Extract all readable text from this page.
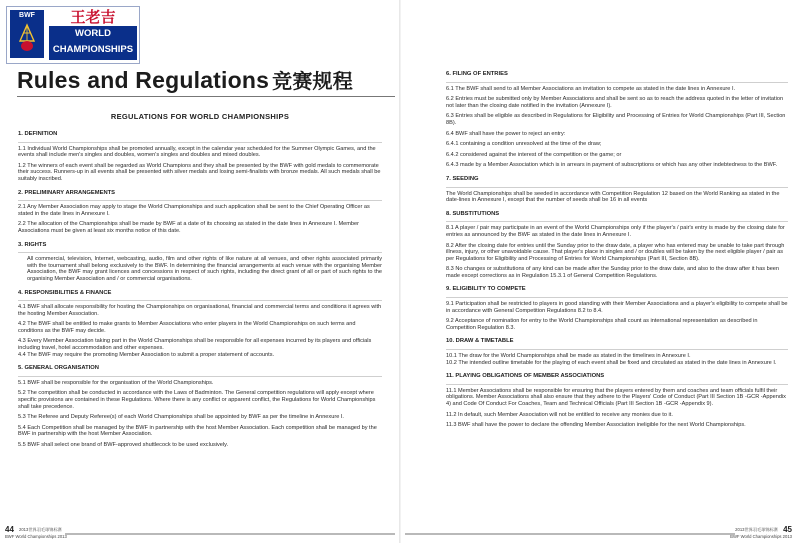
BWF	王老吉
WORLD
CHAMPIONSHIPS
Rules and Regulations 竞赛规程
REGULATIONS FOR WORLD CHAMPIONSHIPS
1. DEFINITION
1.1 Individual World Championships shall be promoted annually, except in the calendar year scheduled for the Summer Olympic Games, and the events shall include men's singles and doubles, women's singles and doubles and mixed doubles.
1.2 The winners of each event shall be regarded as World Champions and they shall be presented by the BWF with gold medals to commemorate their success. Runners-up in all events shall be presented with silver medals and losing semi-finalists with bronze medals. All such medals shall be suitably inscribed.
2. PRELIMINARY ARRANGEMENTS
2.1 Any Member Association may apply to stage the World Championships and such application shall be sent to the Chief Operating Officer as stated in the date lines in Annexure I.
2.2 The allocation of the Championships shall be made by BWF at a date of its choosing as stated in the date lines in Annexure I. Member Associations must be given at least six months notice of this date.
3. RIGHTS
All commercial, television, Internet, webcasting, audio, film and other rights of like nature at all venues, and other rights associated primarily with the tournament shall belong exclusively to the BWF. In determining the financial arrangements at each venue with the organising Member Association, the BWF may grant licences and concessions in respect of such rights, including the direct grant of all or part of such rights to the organising Member Association and / or commercial organisations.
4. RESPONSIBILITIES & FINANCE
4.1 BWF shall allocate responsibility for hosting the Championships on organisational, financial and commercial terms and conditions it agrees with the hosting Member Association.
4.2 The BWF shall be entitled to make grants to Member Associations who enter players in the World Championships on such terms and conditions as the BWF may decide.
4.3 Every Member Association taking part in the World Championships shall be responsible for all expenses incurred by its players and officials including travel, hotel accommodation and other expenses.
4.4 The BWF may require the promoting Member Association to submit a proper statement of accounts.
5. GENERAL ORGANISATION
5.1 BWF shall be responsible for the organisation of the World Championships.
5.2 The competition shall be conducted in accordance with the Laws of Badminton. The General competition regulations will apply except where specific provisions are contained in these Regulations. Where there is any conflict or apparent conflict, the Regulations for World Championships shall take precedence.
5.3 The Referee and Deputy Referee(s) of each World Championships shall be appointed by BWF as per the timeline in Annexure I.
5.4 Each Competition shall be managed by the BWF in partnership with the host Member Association. Each competition shall be managed by the BWF in partnership with the host Member Association.
5.5 BWF shall select one brand of BWF-approved shuttlecock to be used exclusively.
44 2013世界羽毛球锦标赛
BWF World Championships 2013
6. FILING OF ENTRIES
6.1 The BWF shall send to all Member Associations an invitation to compete as stated in the date lines in Annexure I.
6.2 Entries must be submitted only by Member Associations and shall be sent so as to reach the address quoted in the letter of invitation not later than the closing date notified in the invitation (Annexure I).
6.3 Entries shall be eligible as described in Regulations for Eligibility and Processing of Entries for World Championships (Part III, Section 8B).
6.4 BWF shall have the power to reject an entry:
6.4.1 containing a condition unresolved at the time of the draw;
6.4.2 considered against the interest of the competition or the game; or
6.4.3 made by a Member Association which is in arrears in payment of subscriptions or which has any other indebtedness to the BWF.
7. SEEDING
The World Championships shall be seeded in accordance with Competition Regulation 12 based on the World Ranking as stated in the date-lines in Annexure I, except that the number of seeds shall be 16 in all events
8. SUBSTITUTIONS
8.1 A player / pair may participate in an event of the World Championships only if the player's / pair's entry is made by the closing date for entries as announced by the BWF as stated in the date lines in Annexure I.
8.2 After the closing date for entries until the Sunday prior to the draw date, a player who has entered may be unable to take part through illness, injury, or other unavoidable cause. That player's place in singles and / or doubles will be taken by the next eligible player / pair as per Regulations for Eligibility and Processing of Entries for World Championships (Part III, Section 8B).
8.3 No changes or substitutions of any kind can be made after the Sunday prior to the draw date, and also to the draw after it has been made except corrections as in Regulation 15.3.1 of General Competition Regulations.
9. ELIGIBILITY TO COMPETE
9.1 Participation shall be restricted to players in good standing with their Member Associations and a player's eligibility to compete shall be in accordance with General Competition Regulations 8.2 to 8.4.
9.2 Acceptance of nomination for entry to the World Championships shall count as international representation as described in Competition Regulation 8.3.
10. DRAW & TIMETABLE
10.1 The draw for the World Championships shall be made as stated in the timelines in Annexure I.
10.2 The intended outline timetable for the playing of each event shall be fixed and circulated as stated in the date lines in Annexure I.
11. PLAYING OBLIGATIONS OF MEMBER ASSOCIATIONS
11.1 Member Associations shall be responsible for ensuring that the players entered by them and coaches and team officials fulfil their obligations. Member Associations shall also ensure that they adhere to the Players' Code of Conduct (Part III Section 1B -GCR -Appendix 4) and Code Of Conduct For Coaches, Team and Technical Officials (Part III Section 1B -GCR -Appendix 9).
11.2 In default, such Member Association will not be entitled to receive any monies due to it.
11.3 BWF shall have the power to declare the offending Member Association ineligible for the next World Championships.
2013世界羽毛球锦标赛
BWF World Championships 2013
45
